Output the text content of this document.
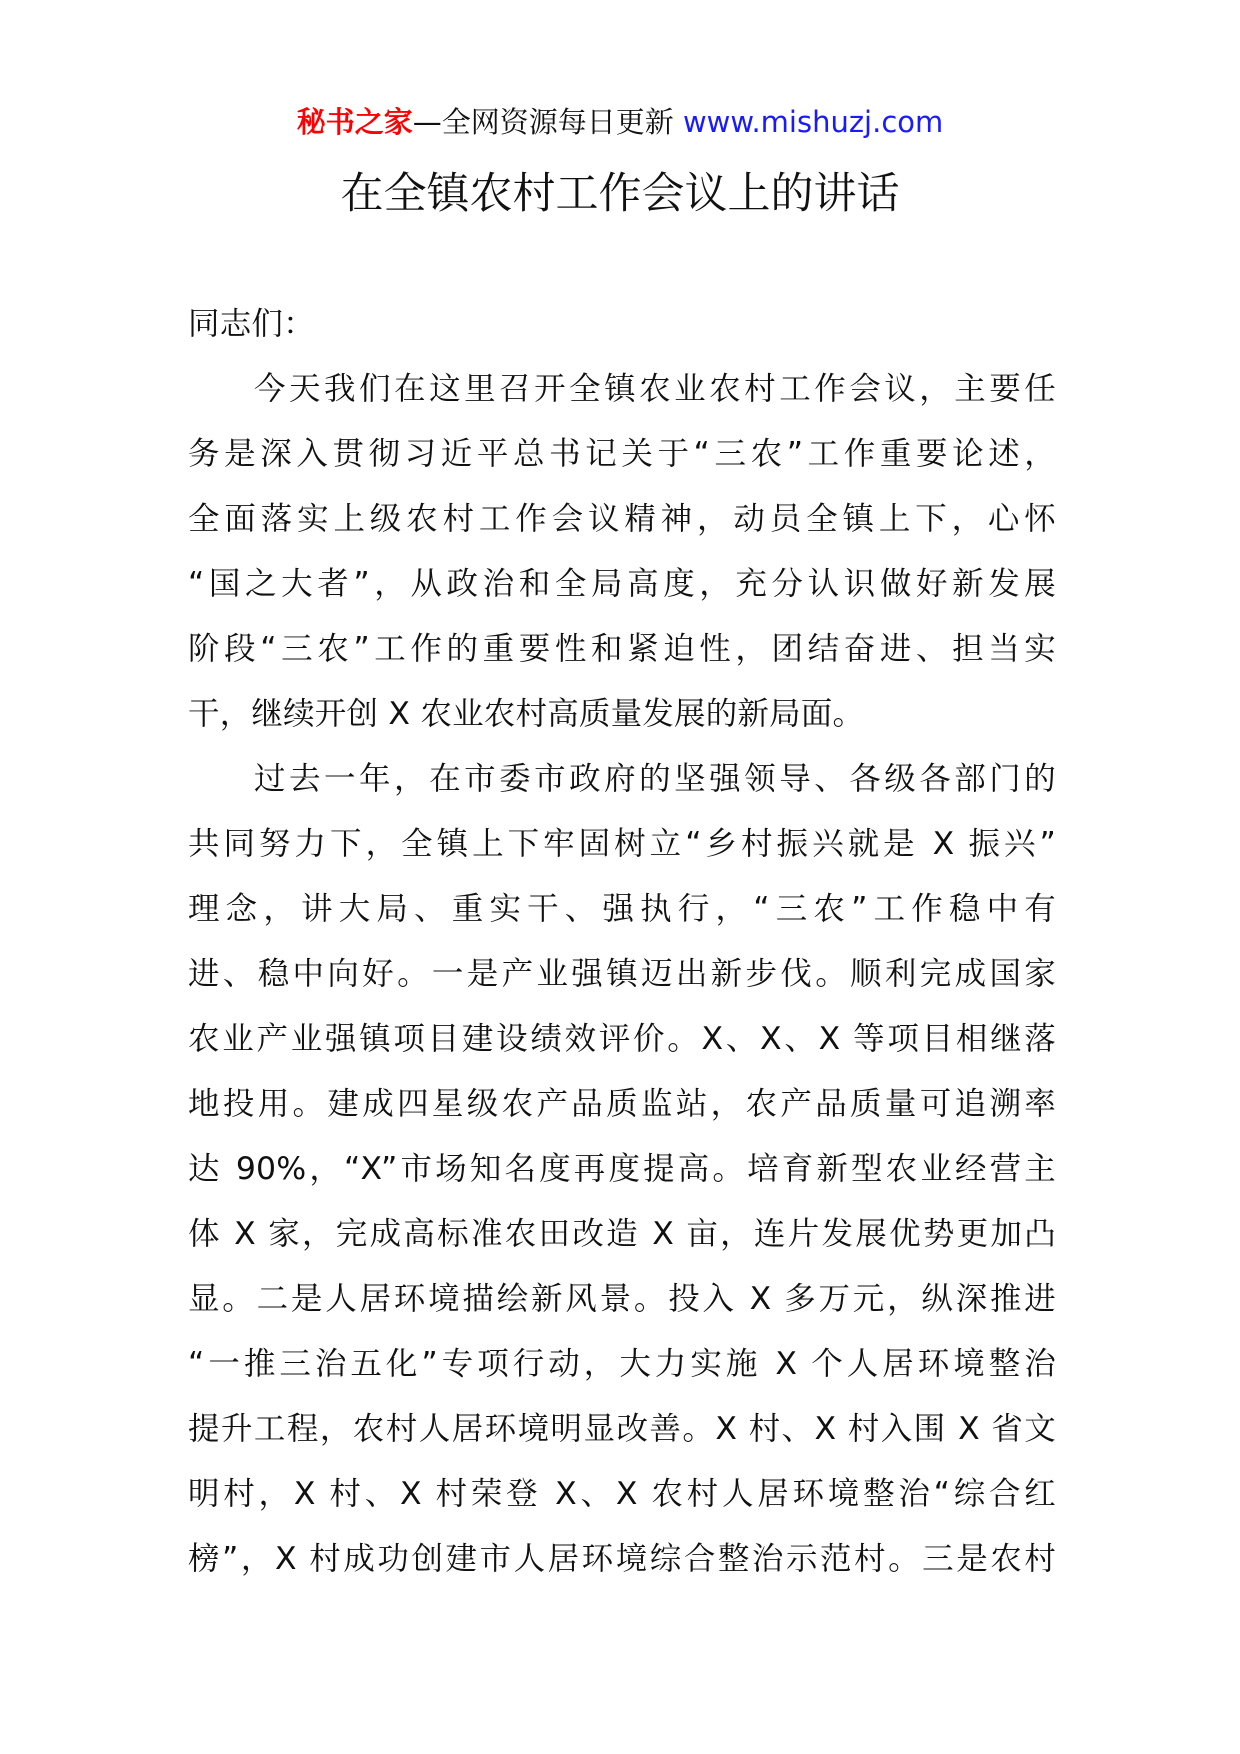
秘书之家—全网资源每日更新 www.mishuzj.com
在全镇农村工作会议上的讲话
同志们：
今天我们在这里召开全镇农业农村工作会议，主要任
务是深入贯彻习近平总书记关于“三农”工作重要论述，
全面落实上级农村工作会议精神，动员全镇上下，心怀
“国之大者”，从政治和全局高度，充分认识做好新发展
阶段“三农”工作的重要性和紧迫性，团结奋进、担当实
干，继续开创 X 农业农村高质量发展的新局面。
过去一年，在市委市政府的坚强领导、各级各部门的
共同努力下，全镇上下牢固树立“乡村振兴就是 X 振兴”
理念，讲大局、重实干、强执行，“三农”工作稳中有
进、稳中向好。一是产业强镇迈出新步伐。顺利完成国家
农业产业强镇项目建设绩效评价。X、X、X 等项目相继落
地投用。建成四星级农产品质监站，农产品质量可追溯率
达 90%，“X”市场知名度再度提高。培育新型农业经营主
体 X 家，完成高标准农田改造 X 亩，连片发展优势更加凸
显。二是人居环境描绘新风景。投入 X 多万元，纵深推进
“一推三治五化”专项行动，大力实施 X 个人居环境整治
提升工程，农村人居环境明显改善。X 村、X 村入围 X 省文
明村，X 村、X 村荣登 X、X 农村人居环境整治“综合红
榜”，X 村成功创建市人居环境综合整治示范村。三是农村
